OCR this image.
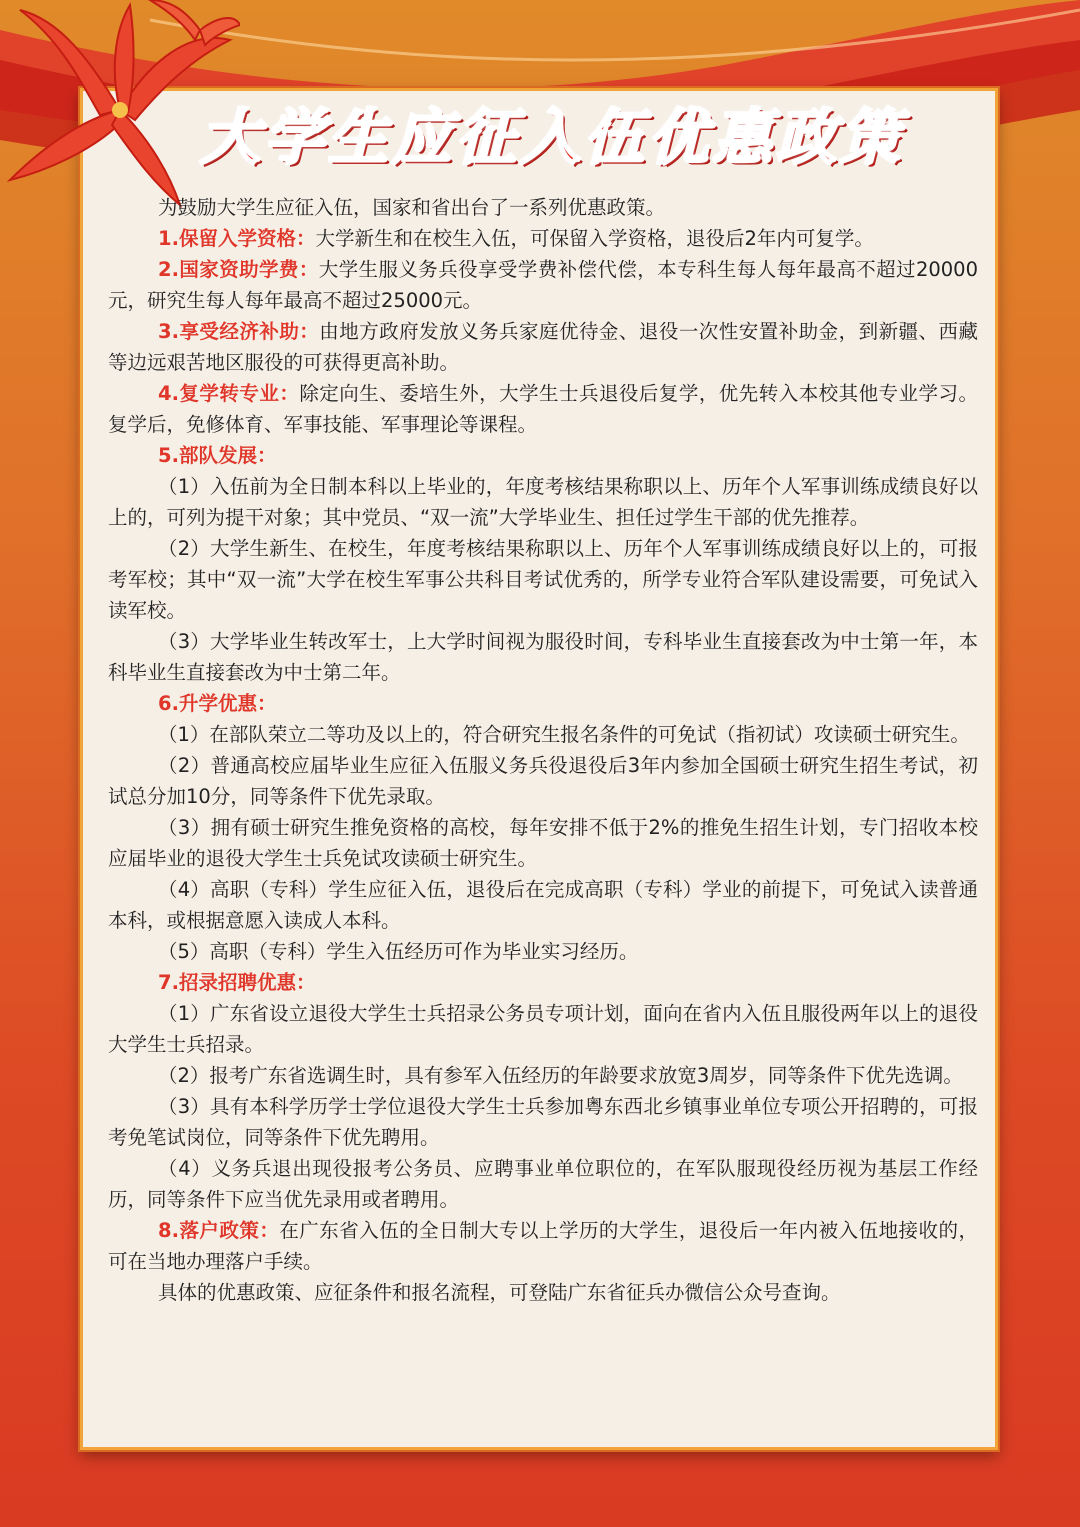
大学生应征入伍优惠政策

为鼓励大学生应征入伍，国家和省出台了一系列优惠政策。

1.保留入学资格：大学新生和在校生入伍，可保留入学资格，退役后2年内可复学。

2.国家资助学费：大学生服义务兵役享受学费补偿代偿，本专科生每人每年最高不超过20000元，研究生每人每年最高不超过25000元。

3.享受经济补助：由地方政府发放义务兵家庭优待金、退役一次性安置补助金，到新疆、西藏等边远艰苦地区服役的可获得更高补助。

4.复学转专业：除定向生、委培生外，大学生士兵退役后复学，优先转入本校其他专业学习。复学后，免修体育、军事技能、军事理论等课程。

5.部队发展：

（1）入伍前为全日制本科以上毕业的，年度考核结果称职以上、历年个人军事训练成绩良好以上的，可列为提干对象；其中党员、“双一流”大学毕业生、担任过学生干部的优先推荐。

（2）大学生新生、在校生，年度考核结果称职以上、历年个人军事训练成绩良好以上的，可报考军校；其中“双一流”大学在校生军事公共科目考试优秀的，所学专业符合军队建设需要，可免试入读军校。

（3）大学毕业生转改军士，上大学时间视为服役时间，专科毕业生直接套改为中士第一年，本科毕业生直接套改为中士第二年。

6.升学优惠：

（1）在部队荣立二等功及以上的，符合研究生报名条件的可免试（指初试）攻读硕士研究生。

（2）普通高校应届毕业生应征入伍服义务兵役退役后3年内参加全国硕士研究生招生考试，初试总分加10分，同等条件下优先录取。

（3）拥有硕士研究生推免资格的高校，每年安排不低于2%的推免生招生计划，专门招收本校应届毕业的退役大学生士兵免试攻读硕士研究生。

（4）高职（专科）学生应征入伍，退役后在完成高职（专科）学业的前提下，可免试入读普通本科，或根据意愿入读成人本科。

（5）高职（专科）学生入伍经历可作为毕业实习经历。

7.招录招聘优惠：

（1）广东省设立退役大学生士兵招录公务员专项计划，面向在省内入伍且服役两年以上的退役大学生士兵招录。

（2）报考广东省选调生时，具有参军入伍经历的年龄要求放宽3周岁，同等条件下优先选调。

（3）具有本科学历学士学位退役大学生士兵参加粤东西北乡镇事业单位专项公开招聘的，可报考免笔试岗位，同等条件下优先聘用。

（4）义务兵退出现役报考公务员、应聘事业单位职位的，在军队服现役经历视为基层工作经历，同等条件下应当优先录用或者聘用。

8.落户政策：在广东省入伍的全日制大专以上学历的大学生，退役后一年内被入伍地接收的，可在当地办理落户手续。

具体的优惠政策、应征条件和报名流程，可登陆广东省征兵办微信公众号查询。
